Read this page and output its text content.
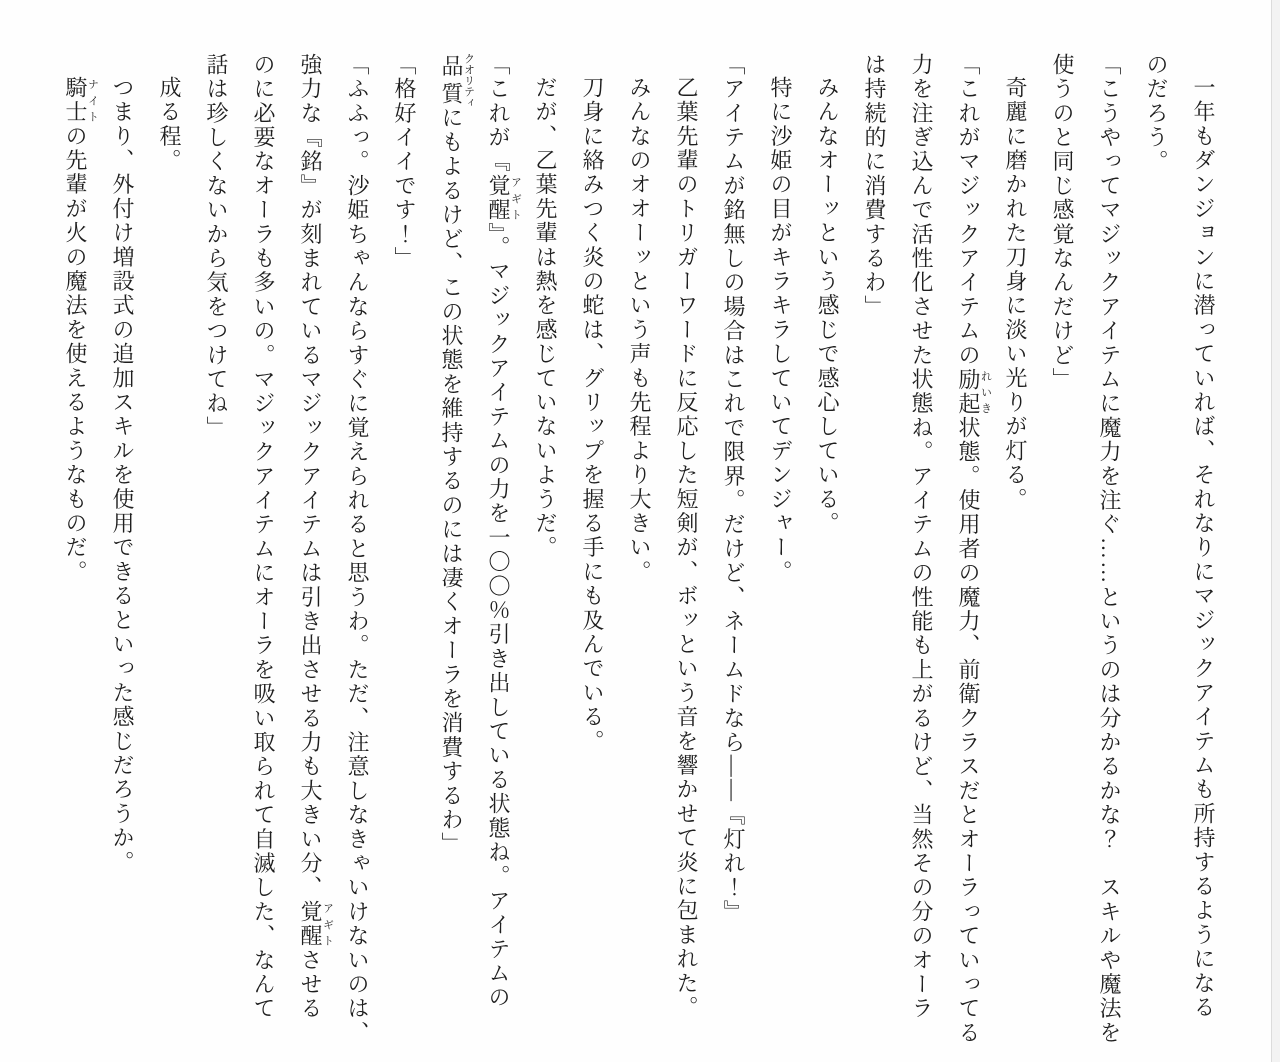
一年もダンジョンに潜っていれば、それなりにマジックアイテムも所持するようになる

のだろう。

「こうやってマジックアイテムに魔力を注ぐ……というのは分かるかな？　スキルや魔法を

使うのと同じ感覚なんだけど」

奇麗に磨かれた刀身に淡い光りが灯る。

「これがマジックアイテムの励起れいき状態。使用者の魔力、前衛クラスだとオーラっていってる

力を注ぎ込んで活性化させた状態ね。アイテムの性能も上がるけど、当然その分のオーラ

は持続的に消費するわ」

みんなオーッという感じで感心している。

特に沙姫の目がキラキラしていてデンジャー。

「アイテムが銘無しの場合はこれで限界。だけど、ネームドなら――『灯れ！』

乙葉先輩のトリガーワードに反応した短剣が、ボッという音を響かせて炎に包まれた。

みんなのオオーッという声も先程より大きい。

刀身に絡みつく炎の蛇は、グリップを握る手にも及んでいる。

だが、乙葉先輩は熱を感じていないようだ。

「これが『覚醒アギト』。マジックアイテムの力を一〇〇％引き出している状態ね。アイテムの

品質クオリティにもよるけど、この状態を維持するのには凄くオーラを消費するわ」

「格好イイです！」

「ふふっ。沙姫ちゃんならすぐに覚えられると思うわ。ただ、注意しなきゃいけないのは、

強力な『銘』が刻まれているマジックアイテムは引き出させる力も大きい分、覚醒アギトさせる

のに必要なオーラも多いの。マジックアイテムにオーラを吸い取られて自滅した、なんて

話は珍しくないから気をつけてね」

成る程。

つまり、外付け増設式の追加スキルを使用できるといった感じだろうか。

騎士ナイトの先輩が火の魔法を使えるようなものだ。
